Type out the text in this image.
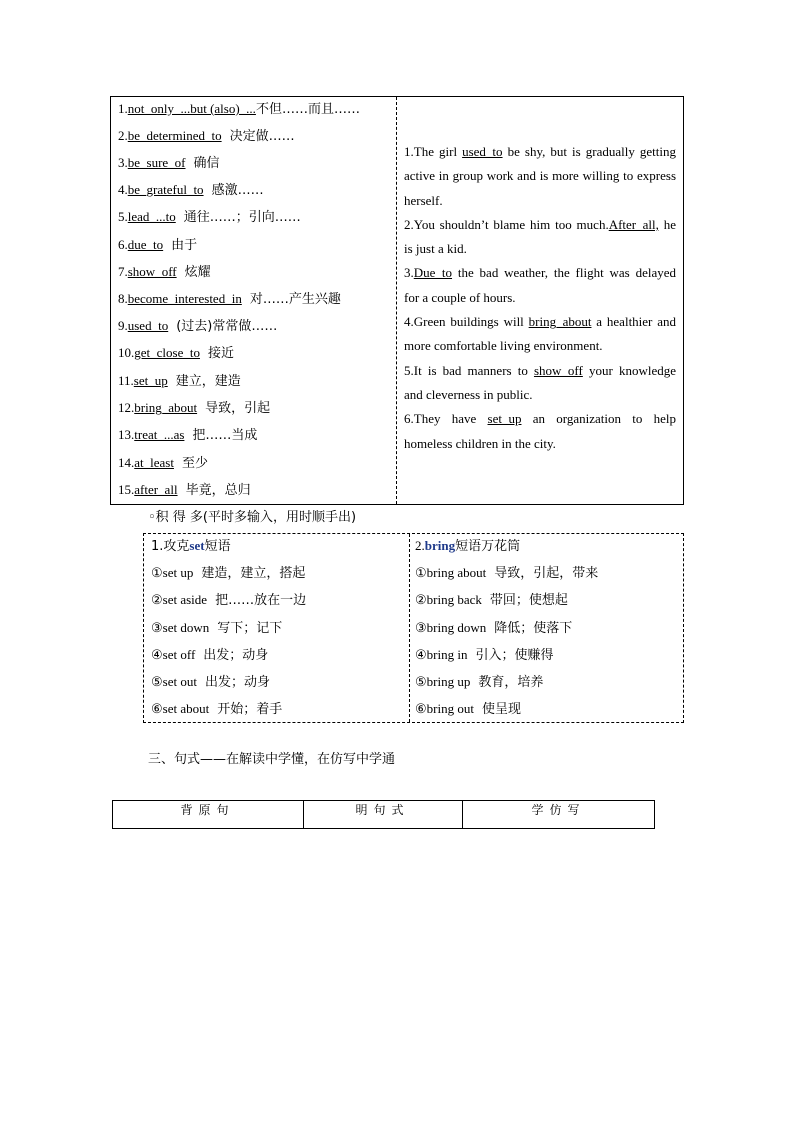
1.not_only_...but (also)_...不但……而且……
2.be_determined_to 决定做……
3.be_sure_of 确信
4.be_grateful_to 感激……
5.lead_...to 通往……；引向……
6.due_to 由于
7.show_off 炫耀
8.become_interested_in 对……产生兴趣
9.used_to (过去)常常做……
10.get_close_to 接近
11.set_up 建立，建造
12.bring_about 导致，引起
13.treat_...as 把……当成
14.at_least 至少
15.after_all 毕竟，总归
1.The girl used_to be shy, but is gradually getting active in group work and is more willing to express herself.
2.You shouldn’t blame him too much.After_all, he is just a kid.
3.Due_to the bad weather, the flight was delayed for a couple of hours.
4.Green buildings will bring_about a healthier and more comfortable living environment.
5.It is bad manners to show_off your knowledge and cleverness in public.
6.They have set_up an organization to help homeless children in the city.
◦积 得 多(平时多输入，用时顺手出)
1.攻克set短语
①set up 建造，建立，搭起
②set aside 把……放在一边
③set down 写下；记下
④set off 出发；动身
⑤set out 出发；动身
⑥set about 开始；着手
2.bring短语万花筒
①bring about 导致，引起，带来
②bring back 带回；使想起
③bring down 降低；使落下
④bring in 引入；使赚得
⑤bring up 教育，培养
⑥bring out 使呈现
三、句式——在解读中学懂，在仿写中学通
背原句	明句式	学仿写
